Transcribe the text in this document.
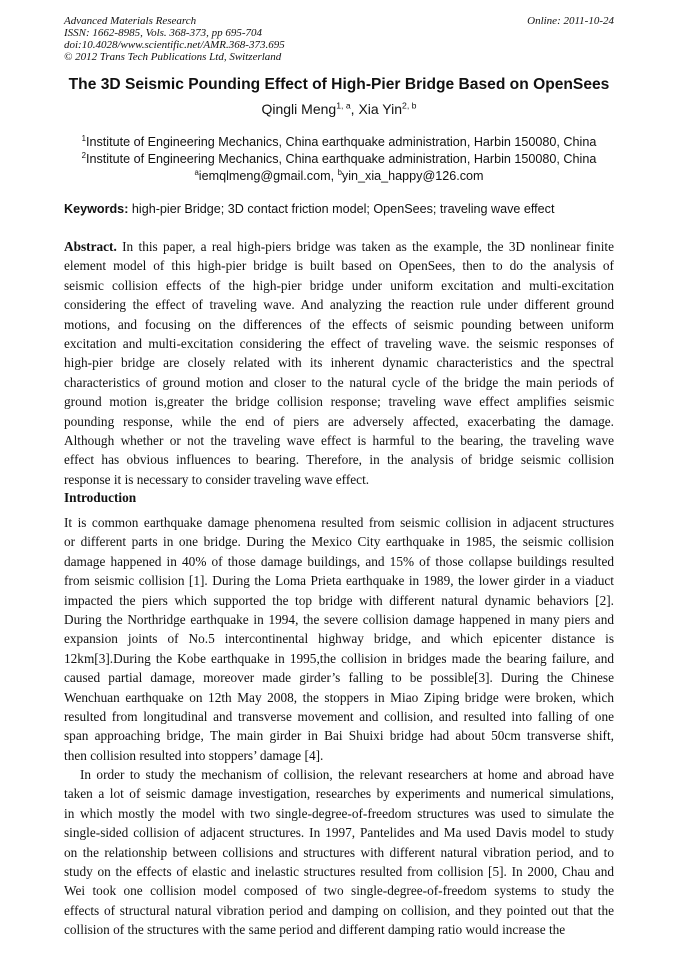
Advanced Materials Research
ISSN: 1662-8985, Vols. 368-373, pp 695-704
doi:10.4028/www.scientific.net/AMR.368-373.695
© 2012 Trans Tech Publications Ltd, Switzerland
Online: 2011-10-24
The 3D Seismic Pounding Effect of High-Pier Bridge Based on OpenSees
Qingli Meng$^{1, a}$, Xia Yin$^{2, b}$
$^1$Institute of Engineering Mechanics, China earthquake administration, Harbin 150080, China
$^2$Institute of Engineering Mechanics, China earthquake administration, Harbin 150080, China
$^a$iemqlmeng@gmail.com, $^b$yin_xia_happy@126.com
Keywords: high-pier Bridge; 3D contact friction model; OpenSees; traveling wave effect
Abstract. In this paper, a real high-piers bridge was taken as the example, the 3D nonlinear finite
element model of this high-pier bridge is built based on OpenSees, then to do the analysis of
seismic collision effects of the high-pier bridge under uniform excitation and multi-excitation
considering the effect of traveling wave. And analyzing the reaction rule under different ground
motions, and focusing on the differences of the effects of seismic pounding between uniform
excitation and multi-excitation considering the effect of traveling wave. the seismic responses of
high-pier bridge are closely related with its inherent dynamic characteristics and the spectral
characteristics of ground motion and closer to the natural cycle of the bridge the main periods of
ground motion is,greater the bridge collision response; traveling wave effect amplifies seismic
pounding response, while the end of piers are adversely affected, exacerbating the damage.
Although whether or not the traveling wave effect is harmful to the bearing, the traveling wave
effect has obvious influences to bearing. Therefore, in the analysis of bridge seismic collision
response it is necessary to consider traveling wave effect.
Introduction
It is common earthquake damage phenomena resulted from seismic collision in adjacent structures
or different parts in one bridge. During the Mexico City earthquake in 1985, the seismic collision
damage happened in 40% of those damage buildings, and 15% of those collapse buildings resulted
from seismic collision [1]. During the Loma Prieta earthquake in 1989, the lower girder in a viaduct
impacted the piers which supported the top bridge with different natural dynamic behaviors [2].
During the Northridge earthquake in 1994, the severe collision damage happened in many piers and
expansion joints of No.5 intercontinental highway bridge, and which epicenter distance is
12km[3].During the Kobe earthquake in 1995,the collision in bridges made the bearing failure, and
caused partial damage, moreover made girder’s falling to be possible[3]. During the Chinese
Wenchuan earthquake on 12th May 2008, the stoppers in Miao Ziping bridge were broken, which
resulted from longitudinal and transverse movement and collision, and resulted into falling of one
span approaching bridge, The main girder in Bai Shuixi bridge had about 50cm transverse shift,
then collision resulted into stoppers’ damage [4].
In order to study the mechanism of collision, the relevant researchers at home and abroad have
taken a lot of seismic damage investigation, researches by experiments and numerical simulations,
in which mostly the model with two single-degree-of-freedom structures was used to simulate the
single-sided collision of adjacent structures. In 1997, Pantelides and Ma used Davis model to study
on the relationship between collisions and structures with different natural vibration period, and to
study on the effects of elastic and inelastic structures resulted from collision [5]. In 2000, Chau and
Wei took one collision model composed of two single-degree-of-freedom systems to study the
effects of structural natural vibration period and damping on collision, and they pointed out that the
collision of the structures with the same period and different damping ratio would increase the
